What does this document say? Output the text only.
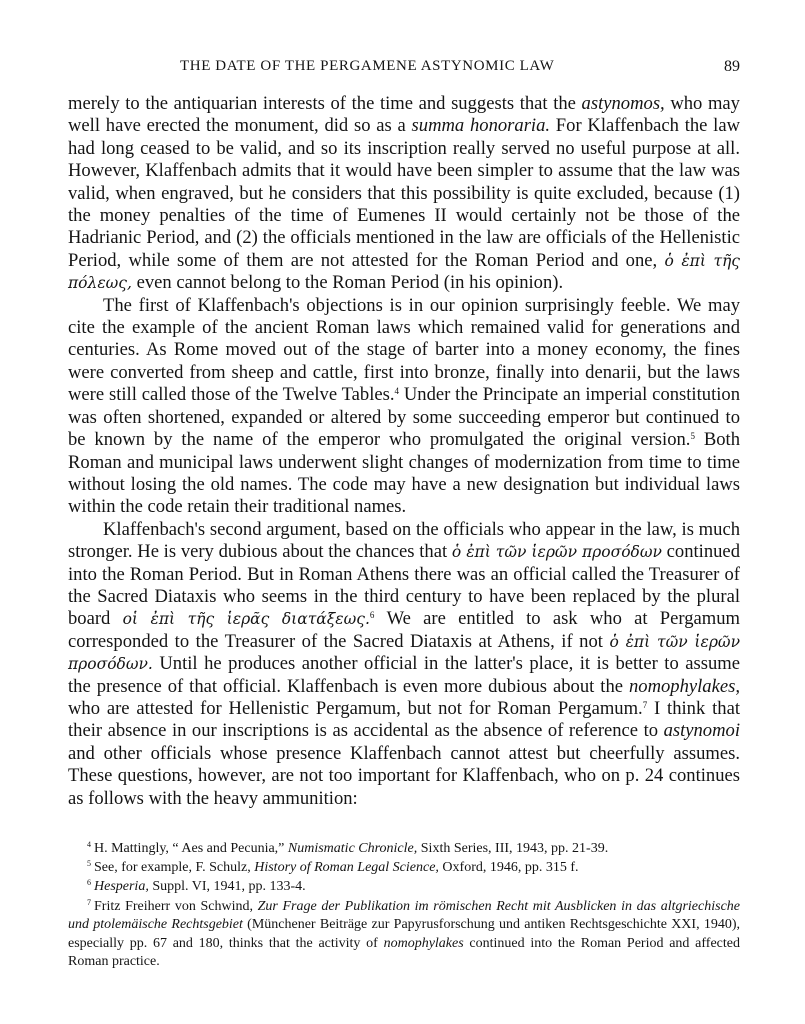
THE DATE OF THE PERGAMENE ASTYNOMIC LAW	89

merely to the antiquarian interests of the time and suggests that the astynomos, who may well have erected the monument, did so as a summa honoraria. For Klaffenbach the law had long ceased to be valid, and so its inscription really served no useful purpose at all. However, Klaffenbach admits that it would have been simpler to assume that the law was valid, when engraved, but he considers that this possibility is quite excluded, because (1) the money penalties of the time of Eumenes II would certainly not be those of the Hadrianic Period, and (2) the officials mentioned in the law are officials of the Hellenistic Period, while some of them are not attested for the Roman Period and one, ὁ ἐπὶ τῆς πόλεως, even cannot belong to the Roman Period (in his opinion).

The first of Klaffenbach's objections is in our opinion surprisingly feeble. We may cite the example of the ancient Roman laws which remained valid for generations and centuries. As Rome moved out of the stage of barter into a money economy, the fines were converted from sheep and cattle, first into bronze, finally into denarii, but the laws were still called those of the Twelve Tables.$^4$ Under the Principate an imperial constitution was often shortened, expanded or altered by some succeeding emperor but continued to be known by the name of the emperor who promulgated the original version.$^5$ Both Roman and municipal laws underwent slight changes of modernization from time to time without losing the old names. The code may have a new designation but individual laws within the code retain their traditional names.

Klaffenbach's second argument, based on the officials who appear in the law, is much stronger. He is very dubious about the chances that ὁ ἐπὶ τῶν ἱερῶν προσόδων continued into the Roman Period. But in Roman Athens there was an official called the Treasurer of the Sacred Diataxis who seems in the third century to have been replaced by the plural board οἱ ἐπὶ τῆς ἱερᾶς διατάξεως.$^6$ We are entitled to ask who at Pergamum corresponded to the Treasurer of the Sacred Diataxis at Athens, if not ὁ ἐπὶ τῶν ἱερῶν προσόδων. Until he produces another official in the latter's place, it is better to assume the presence of that official. Klaffenbach is even more dubious about the nomophylakes, who are attested for Hellenistic Pergamum, but not for Roman Pergamum.$^7$ I think that their absence in our inscriptions is as accidental as the absence of reference to astynomoi and other officials whose presence Klaffenbach cannot attest but cheerfully assumes. These questions, however, are not too important for Klaffenbach, who on p. 24 continues as follows with the heavy ammunition:

$^4$ H. Mattingly, “ Aes and Pecunia,” Numismatic Chronicle, Sixth Series, III, 1943, pp. 21-39.

$^5$ See, for example, F. Schulz, History of Roman Legal Science, Oxford, 1946, pp. 315 f.

$^6$ Hesperia, Suppl. VI, 1941, pp. 133-4.

$^7$ Fritz Freiherr von Schwind, Zur Frage der Publikation im römischen Recht mit Ausblicken in das altgriechische und ptolemäische Rechtsgebiet (Münchener Beiträge zur Papyrusforschung und antiken Rechtsgeschichte XXI, 1940), especially pp. 67 and 180, thinks that the activity of nomophylakes continued into the Roman Period and affected Roman practice.
